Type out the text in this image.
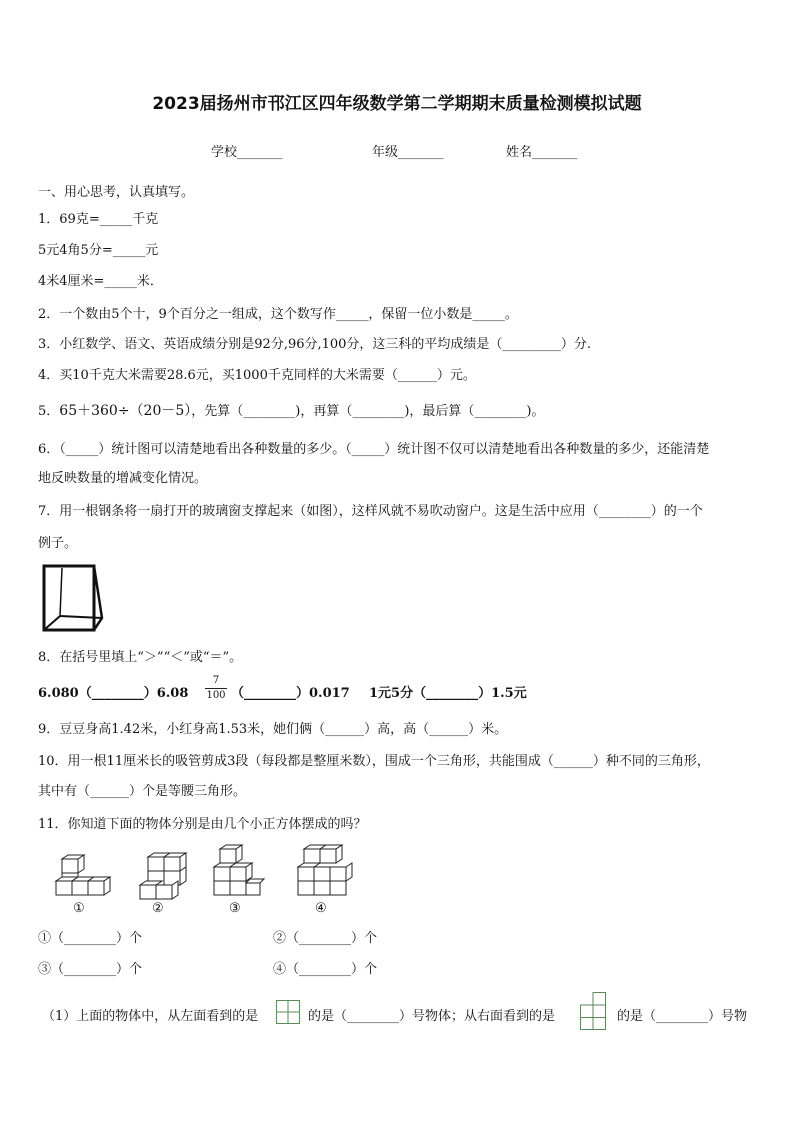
2023届扬州市邗江区四年级数学第二学期期末质量检测模拟试题
学校_______	年级_______	姓名_______
一、用心思考，认真填写。
1．69克=_____千克
5元4角5分=_____元
4米4厘米=_____米．
2．一个数由5个十，9个百分之一组成，这个数写作_____，保留一位小数是_____。
3．小红数学、语文、英语成绩分别是92分,96分,100分，这三科的平均成绩是（_________）分.
4．买10千克大米需要28.6元，买1000千克同样的大米需要（______）元。
5．65＋360÷（20－5），先算（________)，再算（________)，最后算（________)。
6．（_____）统计图可以清楚地看出各种数量的多少。（_____）统计图不仅可以清楚地看出各种数量的多少，还能清楚
地反映数量的增减变化情况。
7．用一根钢条将一扇打开的玻璃窗支撑起来（如图），这样风就不易吹动窗户。这是生活中应用（________）的一个
例子。
8．在括号里填上“＞”“＜”或“＝”。
6.080（________）6.08
7
100 （________）0.017 1元5分（________）1.5元
9．豆豆身高1.42米，小红身高1.53米，她们俩（______）高，高（______）米。
10．用一根11厘米长的吸管剪成3段（每段都是整厘米数），围成一个三角形，共能围成（______）种不同的三角形，
其中有（______）个是等腰三角形。
11．你知道下面的物体分别是由几个小正方体摆成的吗？
①	②	③	④
①（________）个	②（________）个
③（________）个	④（________）个
（1）上面的物体中，从左面看到的是	的是（________）号物体；从右面看到的是	的是（________）号物
